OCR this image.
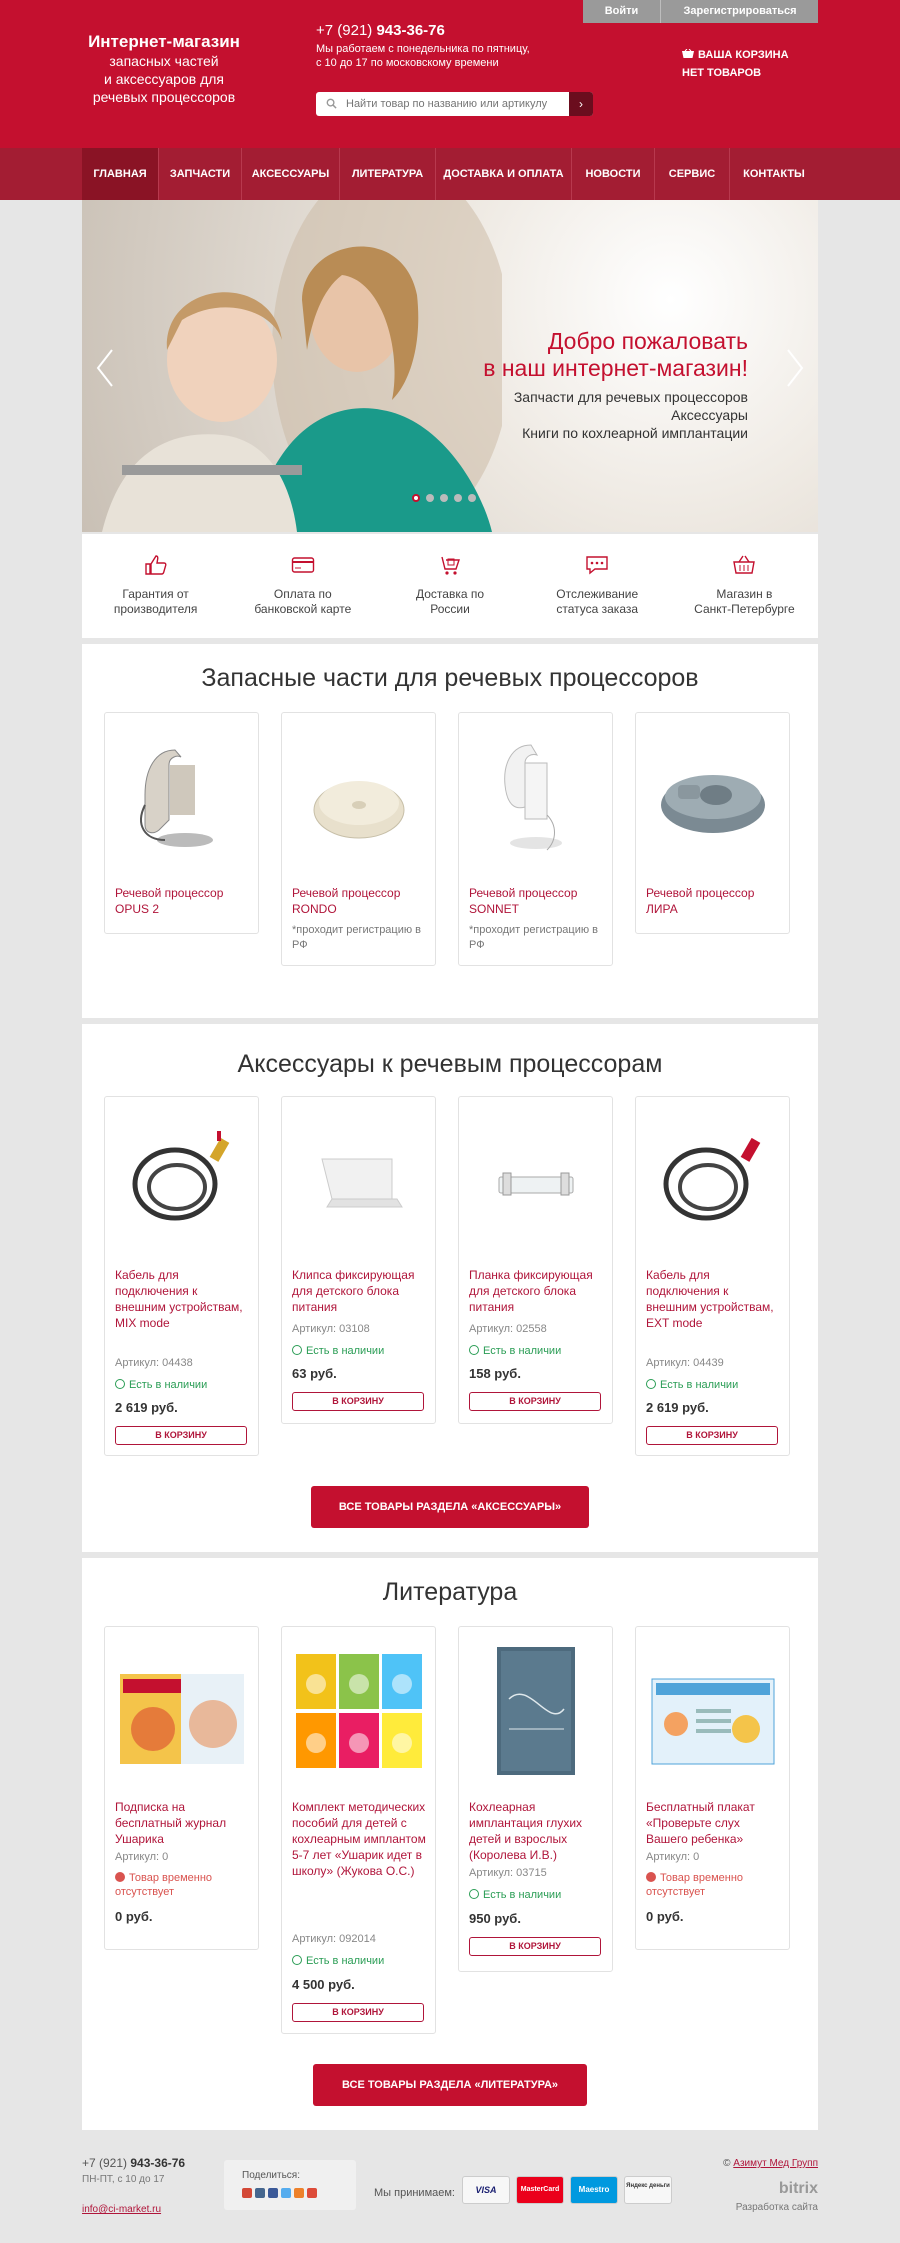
Интернет-магазин
запасных частей
и аксессуаров для
речевых процессоров
+7 (921) 943-36-76
Мы работаем с понедельника по пятницу,
с 10 до 17 по московскому времени
Найти товар по названию или артикулу
›
Войти	Зарегистрироваться
ВАША КОРЗИНА
НЕТ ТОВАРОВ
ГЛАВНАЯ	ЗАПЧАСТИ	АКСЕССУАРЫ	ЛИТЕРАТУРА	ДОСТАВКА И ОПЛАТА	НОВОСТИ	СЕРВИС	КОНТАКТЫ
Добро пожаловать
в наш интернет-магазин!
Запчасти для речевых процессоров
Аксессуары
Книги по кохлеарной имплантации
Гарантия от
производителя
Оплата по
банковской карте
Доставка по
России
Отслеживание
статуса заказа
Магазин в
Санкт-Петербурге
Запасные части для речевых процессоров
Речевой процессор OPUS 2
Речевой процессор RONDO
*проходит регистрацию в РФ
Речевой процессор SONNET
*проходит регистрацию в РФ
Речевой процессор ЛИРА
Аксессуары к речевым процессорам
Кабель для подключения к внешним устройствам, MIX mode
Артикул: 04438
Есть в наличии
2 619 руб.
В КОРЗИНУ
Клипса фиксирующая для детского блока питания
Артикул: 03108
Есть в наличии
63 руб.
В КОРЗИНУ
Планка фиксирующая для детского блока питания
Артикул: 02558
Есть в наличии
158 руб.
В КОРЗИНУ
Кабель для подключения к внешним устройствам, EXT mode
Артикул: 04439
Есть в наличии
2 619 руб.
В КОРЗИНУ
ВСЕ ТОВАРЫ РАЗДЕЛА «АКСЕССУАРЫ»
Литература
Подписка на бесплатный журнал Ушарика
Артикул: 0
Товар временно отсутствует
0 руб.
Комплект методических пособий для детей с кохлеарным имплантом 5-7 лет «Ушарик идет в школу» (Жукова О.С.)
Артикул: 092014
Есть в наличии
4 500 руб.
В КОРЗИНУ
Кохлеарная имплантация глухих детей и взрослых (Королева И.В.)
Артикул: 03715
Есть в наличии
950 руб.
В КОРЗИНУ
Бесплатный плакат «Проверьте слух Вашего ребенка»
Артикул: 0
Товар временно отсутствует
0 руб.
ВСЕ ТОВАРЫ РАЗДЕЛА «ЛИТЕРАТУРА»
+7 (921) 943-36-76
ПН-ПТ, с 10 до 17
info@ci-market.ru
Поделиться:
Мы принимаем:	VISA	MasterCard	Maestro	Яндекс деньги
© Азимут Мед Групп
bitrix
Разработка сайта
